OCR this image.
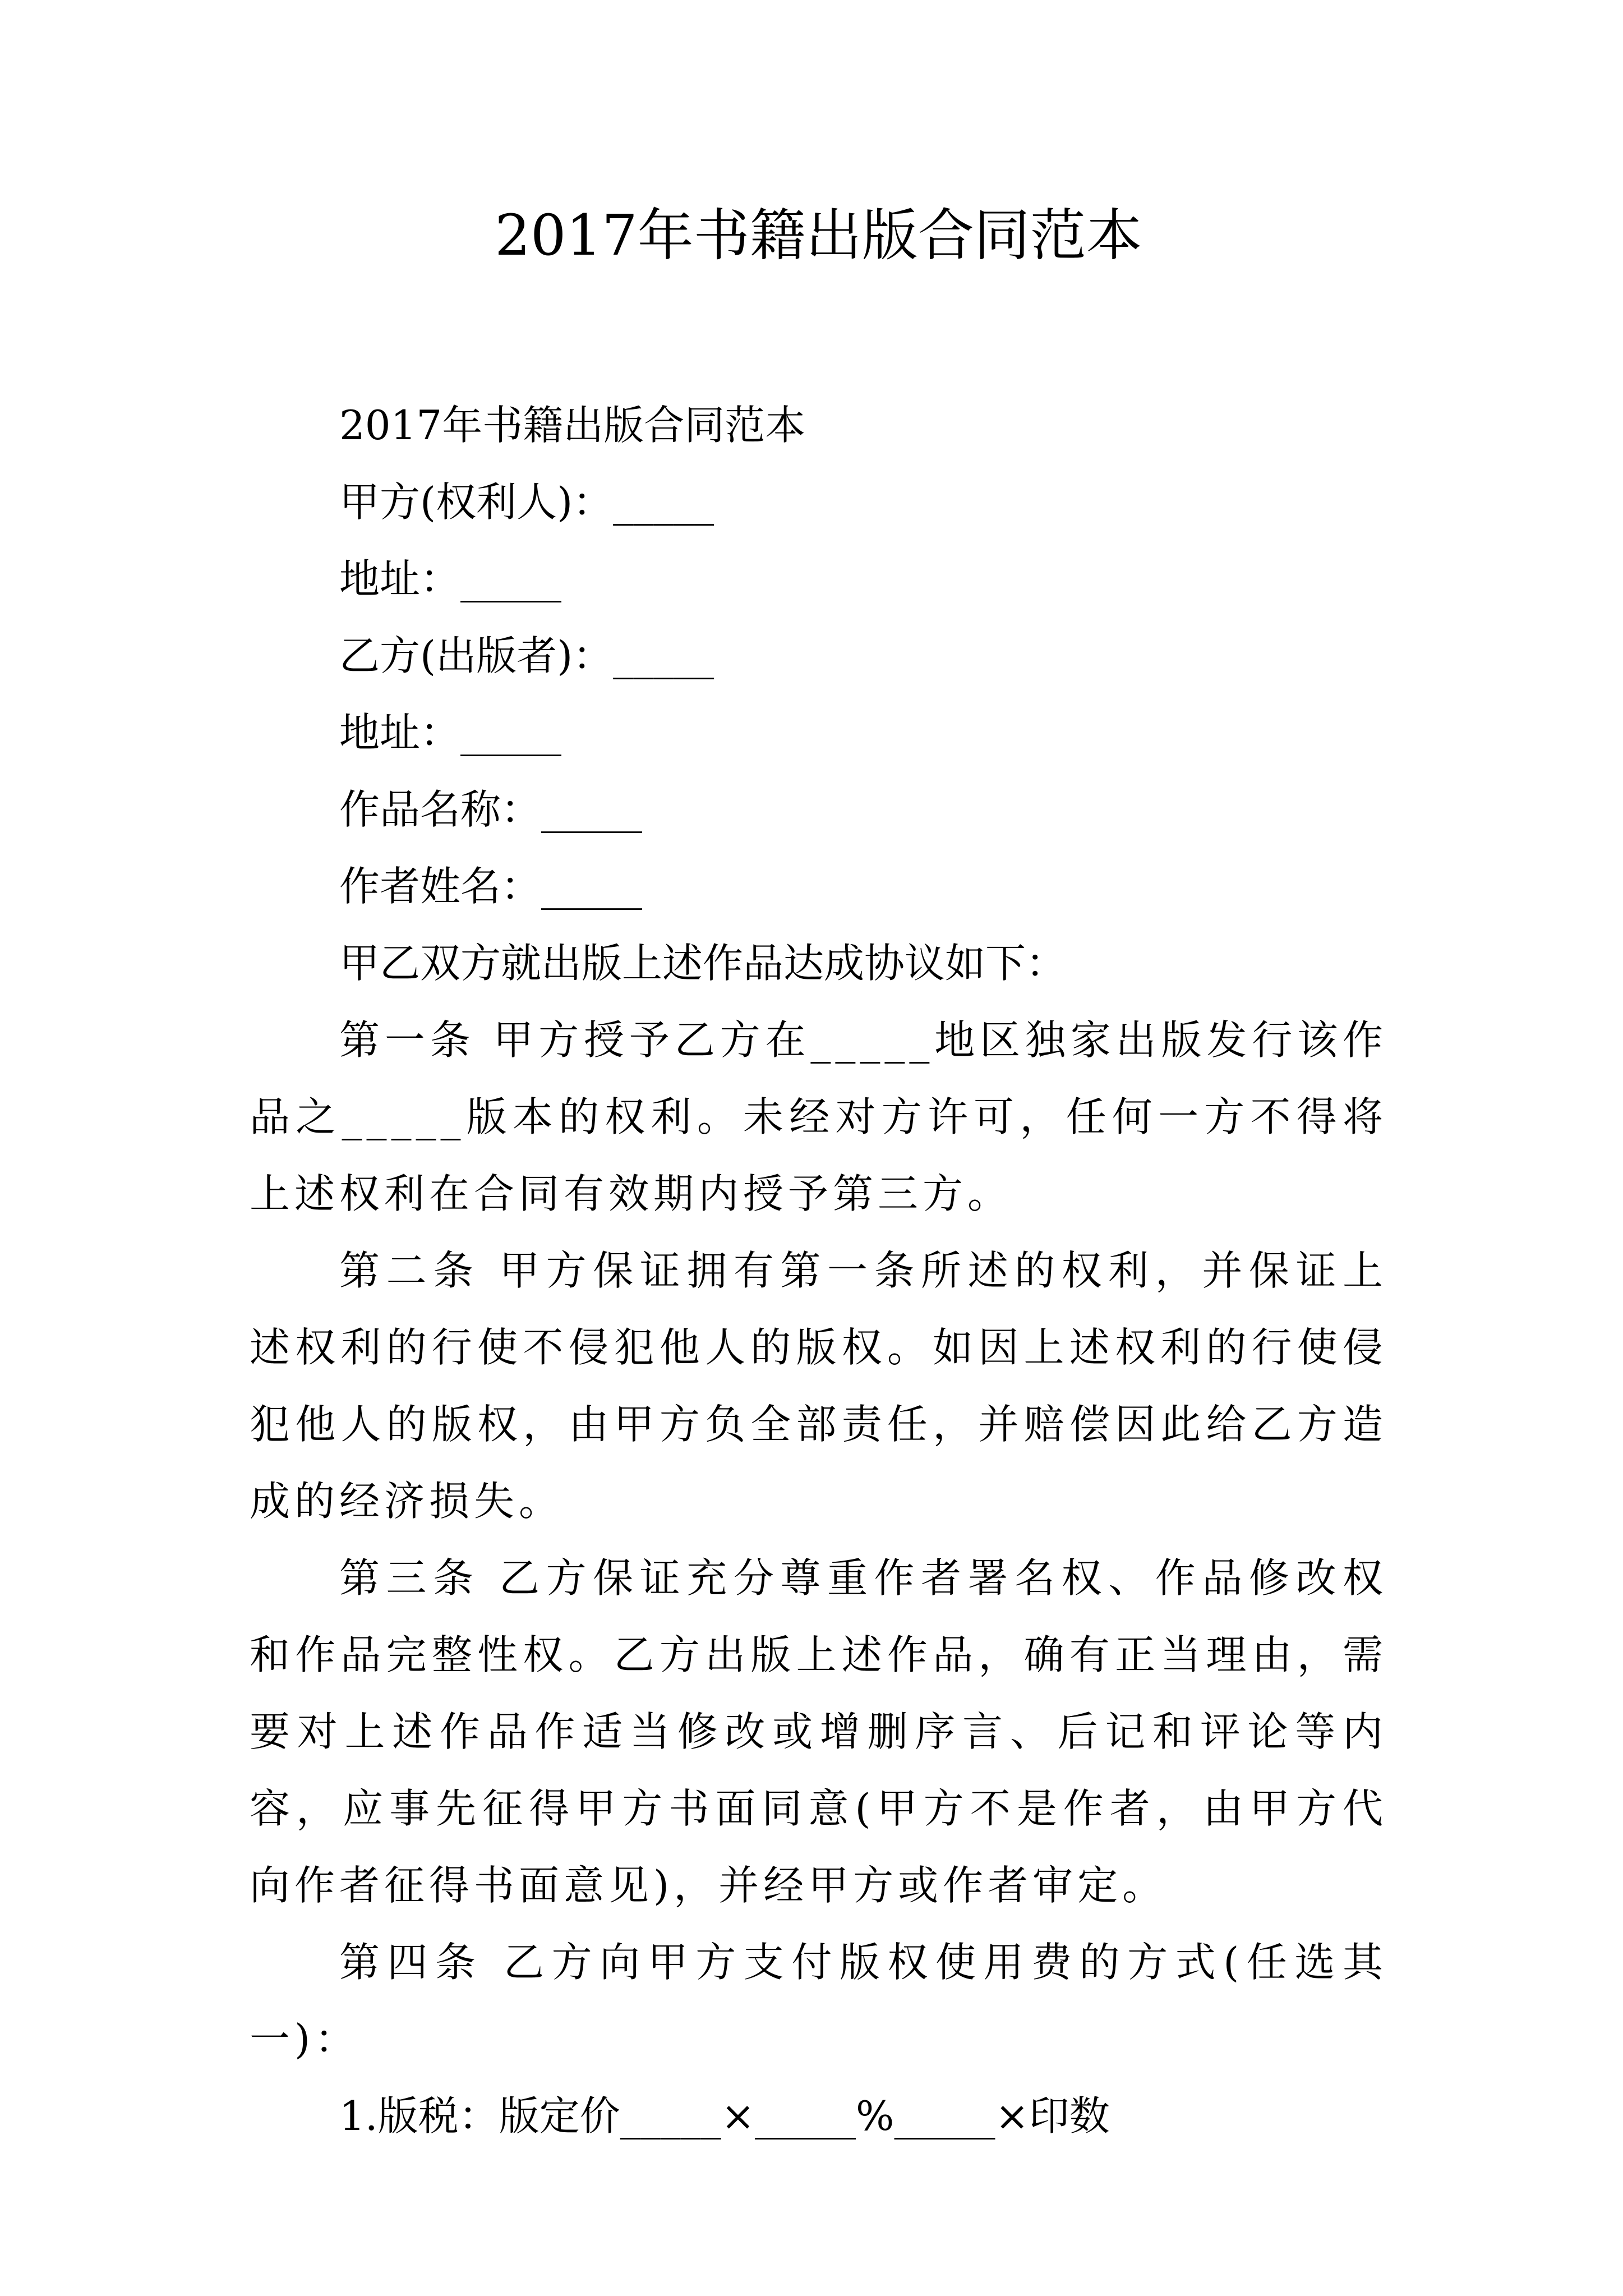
2017年书籍出版合同范本

2017年书籍出版合同范本

甲方(权利人)：_____

地址：_____

乙方(出版者)：_____

地址：_____

作品名称：_____

作者姓名：_____

甲乙双方就出版上述作品达成协议如下：

第一条 甲方授予乙方在_____地区独家出版发行该作品之_____版本的权利。未经对方许可，任何一方不得将上述权利在合同有效期内授予第三方。

第二条 甲方保证拥有第一条所述的权利，并保证上述权利的行使不侵犯他人的版权。如因上述权利的行使侵犯他人的版权，由甲方负全部责任，并赔偿因此给乙方造成的经济损失。

第三条 乙方保证充分尊重作者署名权、作品修改权和作品完整性权。乙方出版上述作品，确有正当理由，需要对上述作品作适当修改或增删序言、后记和评论等内容，应事先征得甲方书面同意(甲方不是作者，由甲方代向作者征得书面意见)，并经甲方或作者审定。

第四条 乙方向甲方支付版权使用费的方式(任选其一)：

1.版税：版定价_____×_____%_____×印数
